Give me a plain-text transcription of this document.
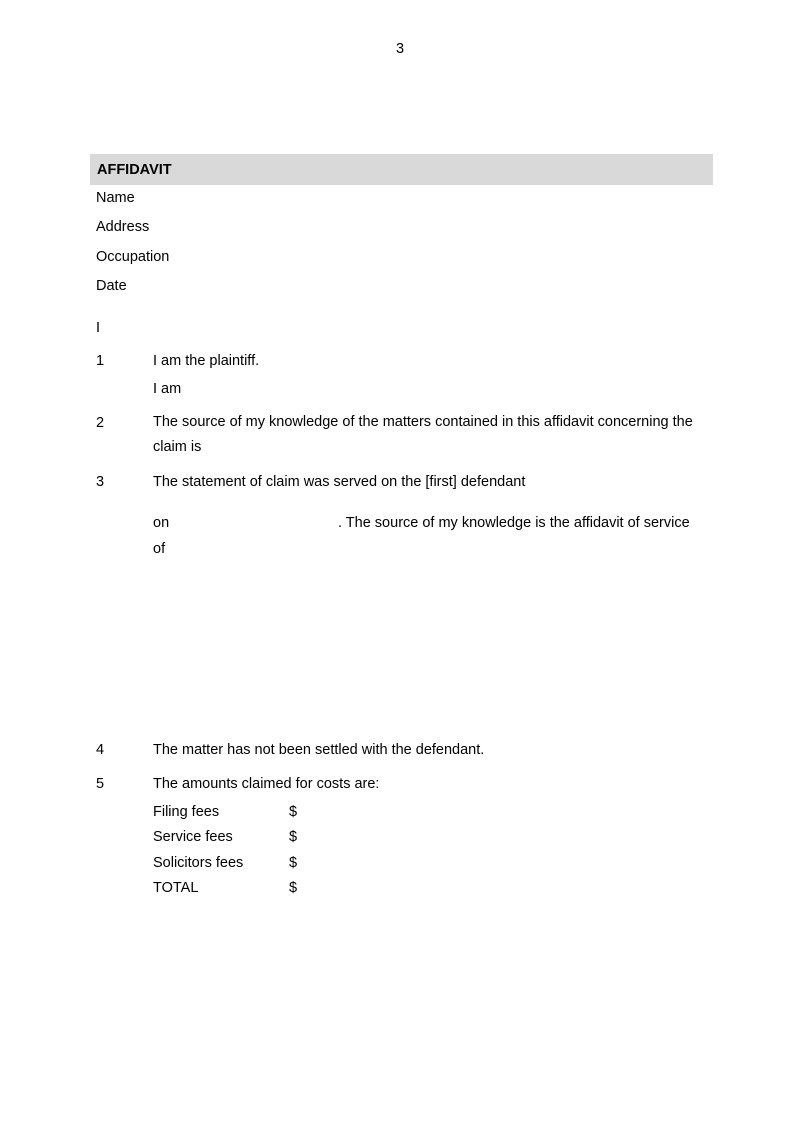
3
AFFIDAVIT
Name
Address
Occupation
Date
I
1	I am the plaintiff.
I am
2	The source of my knowledge of the matters contained in this affidavit concerning the claim is
3	The statement of claim was served on the [first] defendant
on	. The source of my knowledge is the affidavit of service
of
4	The matter has not been settled with the defendant.
5	The amounts claimed for costs are:
Filing fees	$
Service fees	$
Solicitors fees	$
TOTAL	$
